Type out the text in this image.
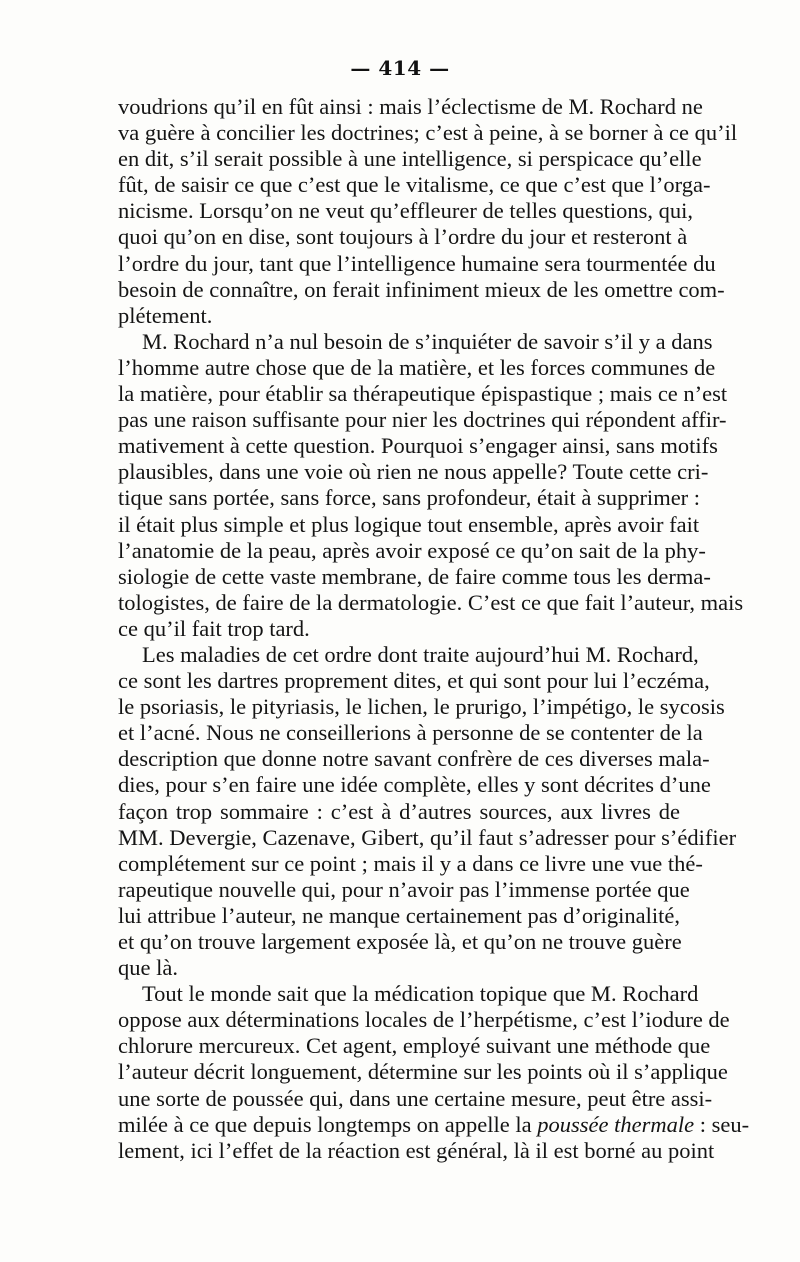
— 414 —
voudrions qu’il en fût ainsi : mais l’éclectisme de M. Rochard ne
va guère à concilier les doctrines; c’est à peine, à se borner à ce qu’il
en dit, s’il serait possible à une intelligence, si perspicace qu’elle
fût, de saisir ce que c’est que le vitalisme, ce que c’est que l’orga-
nicisme. Lorsqu’on ne veut qu’effleurer de telles questions, qui,
quoi qu’on en dise, sont toujours à l’ordre du jour et resteront à
l’ordre du jour, tant que l’intelligence humaine sera tourmentée du
besoin de connaître, on ferait infiniment mieux de les omettre com-
plétement.
M. Rochard n’a nul besoin de s’inquiéter de savoir s’il y a dans
l’homme autre chose que de la matière, et les forces communes de
la matière, pour établir sa thérapeutique épispastique ; mais ce n’est
pas une raison suffisante pour nier les doctrines qui répondent affir-
mativement à cette question. Pourquoi s’engager ainsi, sans motifs
plausibles, dans une voie où rien ne nous appelle? Toute cette cri-
tique sans portée, sans force, sans profondeur, était à supprimer :
il était plus simple et plus logique tout ensemble, après avoir fait
l’anatomie de la peau, après avoir exposé ce qu’on sait de la phy-
siologie de cette vaste membrane, de faire comme tous les derma-
tologistes, de faire de la dermatologie. C’est ce que fait l’auteur, mais
ce qu’il fait trop tard.
Les maladies de cet ordre dont traite aujourd’hui M. Rochard,
ce sont les dartres proprement dites, et qui sont pour lui l’eczéma,
le psoriasis, le pityriasis, le lichen, le prurigo, l’impétigo, le sycosis
et l’acné. Nous ne conseillerions à personne de se contenter de la
description que donne notre savant confrère de ces diverses mala-
dies, pour s’en faire une idée complète, elles y sont décrites d’une
façon trop sommaire : c’est à d’autres sources, aux livres de
MM. Devergie, Cazenave, Gibert, qu’il faut s’adresser pour s’édifier
complétement sur ce point ; mais il y a dans ce livre une vue thé-
rapeutique nouvelle qui, pour n’avoir pas l’immense portée que
lui attribue l’auteur, ne manque certainement pas d’originalité,
et qu’on trouve largement exposée là, et qu’on ne trouve guère
que là.
Tout le monde sait que la médication topique que M. Rochard
oppose aux déterminations locales de l’herpétisme, c’est l’iodure de
chlorure mercureux. Cet agent, employé suivant une méthode que
l’auteur décrit longuement, détermine sur les points où il s’applique
une sorte de poussée qui, dans une certaine mesure, peut être assi-
milée à ce que depuis longtemps on appelle la poussée thermale : seu-
lement, ici l’effet de la réaction est général, là il est borné au point
